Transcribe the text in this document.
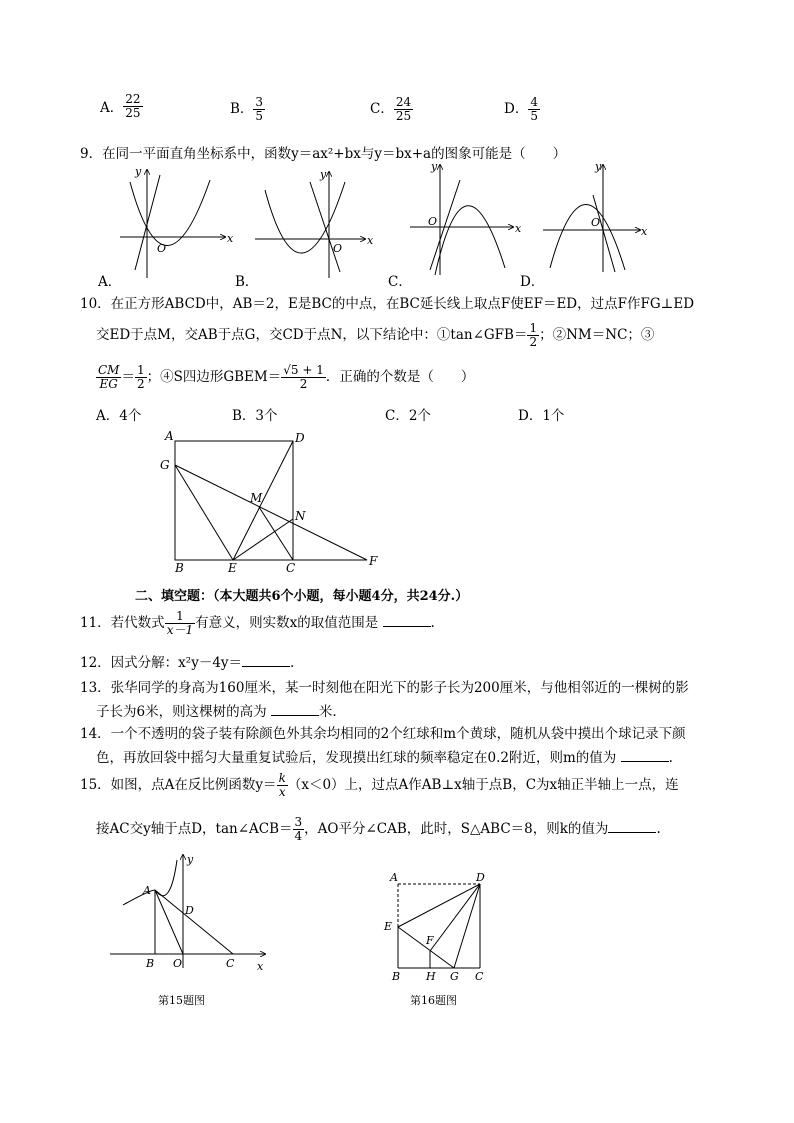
A． $\frac{22}{25}$	B． $\frac{3}{5}$	C． $\frac{24}{25}$	D． $\frac{4}{5}$
9．在同一平面直角坐标系中，函数y＝ax²+bx与y＝bx+a的图象可能是（　　）
x
y
O
x
y
O
x
y
O
x
y
O
A．	B．	C．	D．
10．在正方形ABCD中，AB＝2，E是BC的中点，在BC延长线上取点F使EF＝ED，过点F作FG⊥ED
交ED于点M，交AB于点G，交CD于点N，以下结论中：①tan∠GFB＝ $\frac{1}{2}$ ；②NM＝NC；③
$\frac{CM}{EG} = \frac{1}{2}$ ；④S四边形GBEM＝ $\frac{√5 + 1}{2}$ ．正确的个数是（　　）
A．4个	B．3个	C．2个	D．1个
A	D
G
M
N
B	E	C	F
二、填空题：（本大题共6个小题，每小题4分，共24分.）
11．若代数式 $\frac{1}{x-1}$ 有意义，则实数x的取值范围是	.
12．因式分解：x²y－4y＝	.
13．张华同学的身高为160厘米，某一时刻他在阳光下的影子长为200厘米，与他相邻近的一棵树的影
子长为6米，则这棵树的高为	米.
14．一个不透明的袋子装有除颜色外其余均相同的2个红球和m个黄球，随机从袋中摸出个球记录下颜
色，再放回袋中摇匀大量重复试验后，发现摸出红球的频率稳定在0.2附近，则m的值为	.
15．如图，点A在反比例函数$y= \frac{k}{x} (x<0)$上，过点A作AB⊥x轴于点B，C为x轴正半轴上一点，连
接AC交y轴于点D，tan∠ACB＝ $\frac{3}{4}$ ，AO平分∠CAB，此时，S△ABC＝8，则k的值为	.
A
D
B O	C x
y
第15题图
A	D
E
F
B H G C
第16题图
